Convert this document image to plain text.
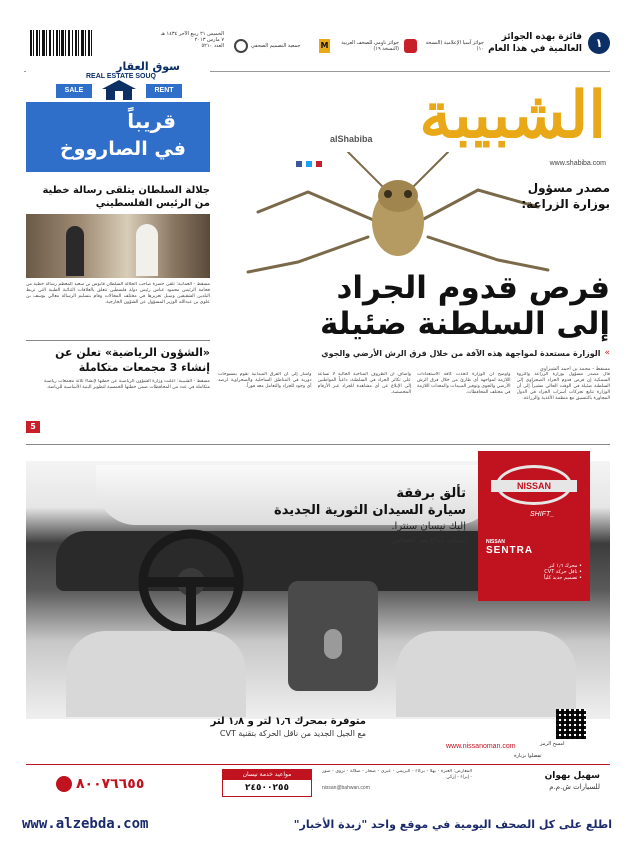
١
فائزة بهذه الجوائز العالمية في هذا العام
جمعية التصميم الصحفي	M	جوائز ناومي للصحف العربية (النسخة ١٩)
جوائز آسيا الإعلامية (النسخة ١٠)
الخميس ٢١ ربيع الآخر ١٤٣٤ هـ
٧ مارس ٢٠١٣
العدد ٥٢١٠
الشبيبة
alShabiba
www.shabiba.com
سوق العقار
REAL ESTATE SOUQ
SALE	RENT
قريباً
في الصارووخ
جلالة السلطان يتلقى رسالة خطية من الرئيس الفلسطيني
مسقط - العمانية: تلقى حضرة صاحب الجلالة السلطان قابوس بن سعيد المعظم رسالة خطية من فخامة الرئيس محمود عباس رئيس دولة فلسطين تتعلق بالعلاقات الثنائية الطيبة التي تربط البلدين الشقيقين وسبل تعزيزها في مختلف المجالات وقام بتسليم الرسالة معالي يوسف بن علوي بن عبدالله الوزير المسؤول عن الشؤون الخارجية.
«الشؤون الرياضية» تعلن عن إنشاء 3 مجمعات متكاملة
مسقط - الشبيبة: أعلنت وزارة الشؤون الرياضية عن خطتها لإنشاء ثلاثة مجمعات رياضية متكاملة في عدد من المحافظات ضمن خطتها الخمسية لتطوير البنية الأساسية للرياضة.
5
مصدر مسؤول
بوزارة الزراعة:
فرص قدوم الجراد
إلى السلطنة ضئيلة
»
الوزارة مستعدة لمواجهة هذه الآفة من خلال فرق الرش الأرضي والجوي
مسقط - محمد بن احمد الشيزاوي
قال مصدر مسؤول بوزارة الزراعة والثروة السمكية إن فرص قدوم الجراد الصحراوي إلى السلطنة ضئيلة في الوقت الحالي مشيراً إلى أن الوزارة تتابع تحركات أسراب الجراد في الدول المجاورة بالتنسيق مع منظمة الأغذية والزراعة.
وأوضح أن الوزارة اتخذت كافة الاستعدادات اللازمة لمواجهة أي طارئ من خلال فرق الرش الأرضي والجوي وتوفير المبيدات والمعدات اللازمة في مختلف المحافظات.
وأضاف أن الظروف المناخية الحالية لا تساعد على تكاثر الجراد في السلطنة، داعياً المواطنين إلى الإبلاغ عن أي مشاهدة للجراد عبر الأرقام المخصصة.
وأشار إلى أن الفرق الميدانية تقوم بمسوحات دورية في المناطق الساحلية والصحراوية لرصد أي وجود للجراد والتعامل معه فوراً.
تألق برفقة
سيارة السيدان الثورية الجديدة
إليك نيسان سنترا.
نيسان. إبداع يثير الحماس.
NISSAN
SHIFT_
NISSAN
SENTRA
• محرك ١٫٦ لتر
• ناقل حركة CVT
• تصميم جديد كلياً
متوفرة بمحرك ١٫٦ لتر و ١٫٨ لتر
مع الجيل الجديد من ناقل الحركة بتقنية CVT
امسح الرمز
www.nissanoman.com
تفضلوا بزيارة
٨٠٠٧٦٦٥٥
مواعيد خدمة نيسان
٢٤٥٠٠٢٥٥	nissan@bahwan.com
المعارض: الغبرة - بهلا - بركاء - البريمي - عبري - صحار - صلالة - نزوى - صور - إبراء - إزكي	سهيل بهوان
للسيارات ش.م.م
www.alzebda.com	اطلع على كل الصحف اليومية في موقع واحد "زبدة الأخبار"
